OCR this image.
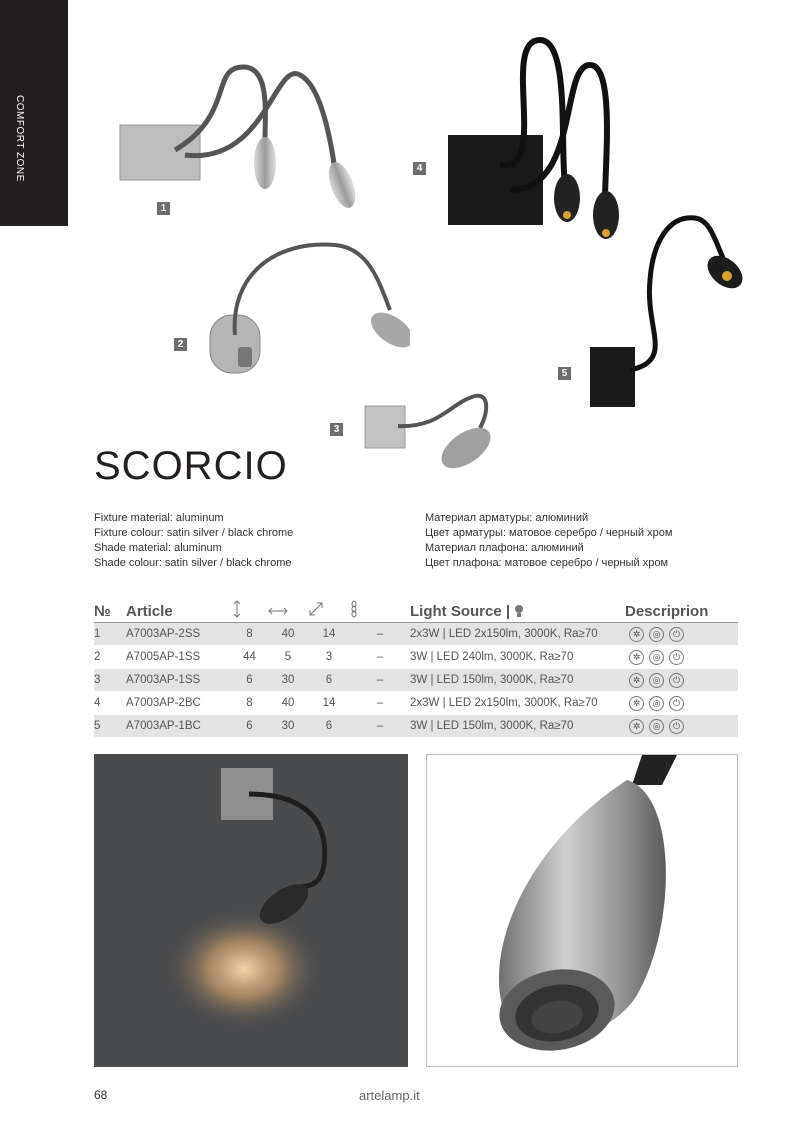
COMFORT ZONE
1
2
3
4
5
SCORCIO
Fixture material: aluminum
Fixture colour: satin silver / black chrome
Shade material: aluminum
Shade colour: satin silver / black chrome
Материал арматуры: алюминий
Цвет арматуры: матовое серебро / черный хром
Материал плафона: алюминий
Цвет плафона: матовое серебро / черный хром
№	Article					Light Source |	Descriprion
1	A7003AP-2SS	8	40	14	–	2x3W | LED 2x150lm, 3000K, Ra≥70	✲ ◎ ⏻
2	A7005AP-1SS	44	5	3	–	3W | LED 240lm, 3000K, Ra≥70	✲ ◎ ⏻
3	A7003AP-1SS	6	30	6	–	3W | LED 150lm, 3000K, Ra≥70	✲ ◎ ⏻
4	A7003AP-2BC	8	40	14	–	2x3W | LED 2x150lm, 3000K, Ra≥70	✲ ◎ ⏻
5	A7003AP-1BC	6	30	6	–	3W | LED 150lm, 3000K, Ra≥70	✲ ◎ ⏻
68	artelamp.it
